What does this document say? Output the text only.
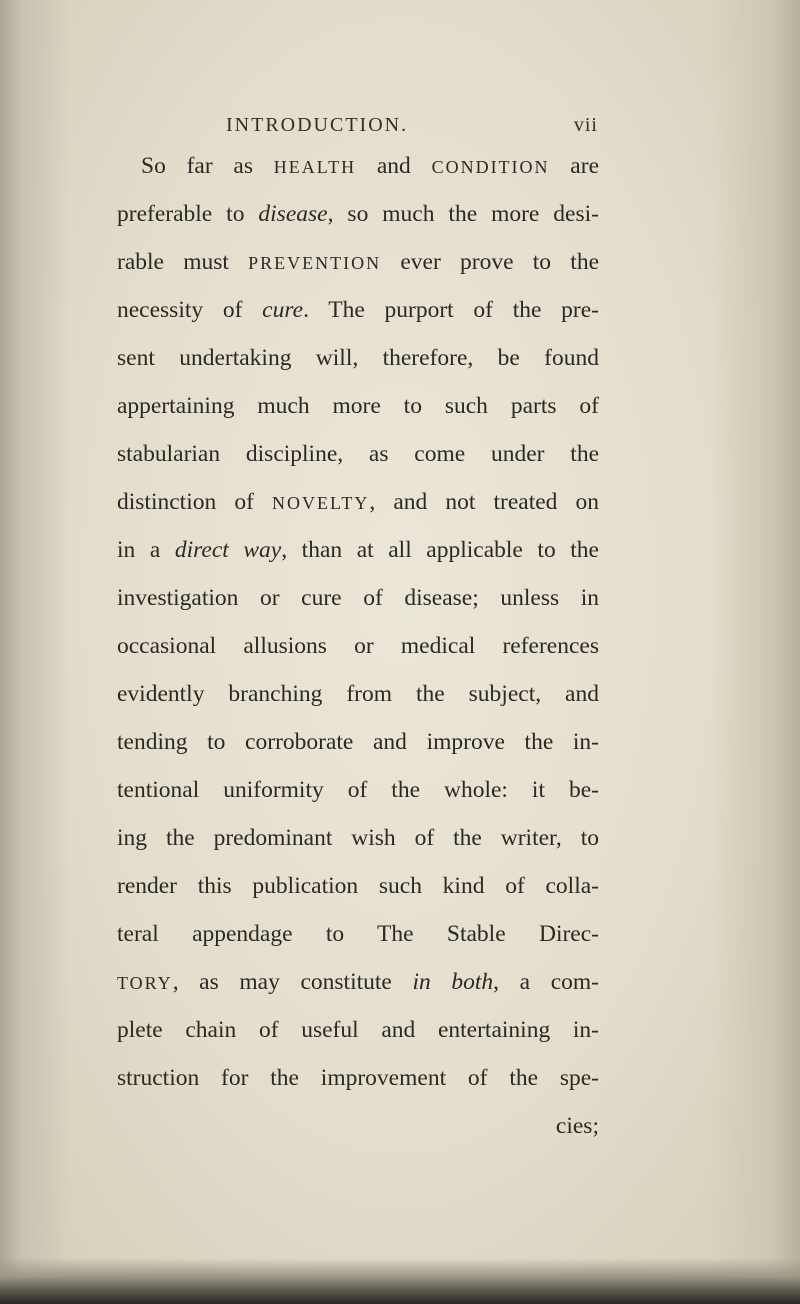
INTRODUCTION.	vii
So far as HEALTH and CONDITION are
preferable to disease, so much the more desi-
rable must PREVENTION ever prove to the
necessity of cure. The purport of the pre-
sent undertaking will, therefore, be found
appertaining much more to such parts of
stabularian discipline, as come under the
distinction of NOVELTY, and not treated on
in a direct way, than at all applicable to the
investigation or cure of disease; unless in
occasional allusions or medical references
evidently branching from the subject, and
tending to corroborate and improve the in-
tentional uniformity of the whole: it be-
ing the predominant wish of the writer, to
render this publication such kind of colla-
teral appendage to The Stable Direc-
TORY, as may constitute in both, a com-
plete chain of useful and entertaining in-
struction for the improvement of the spe-
cies;
